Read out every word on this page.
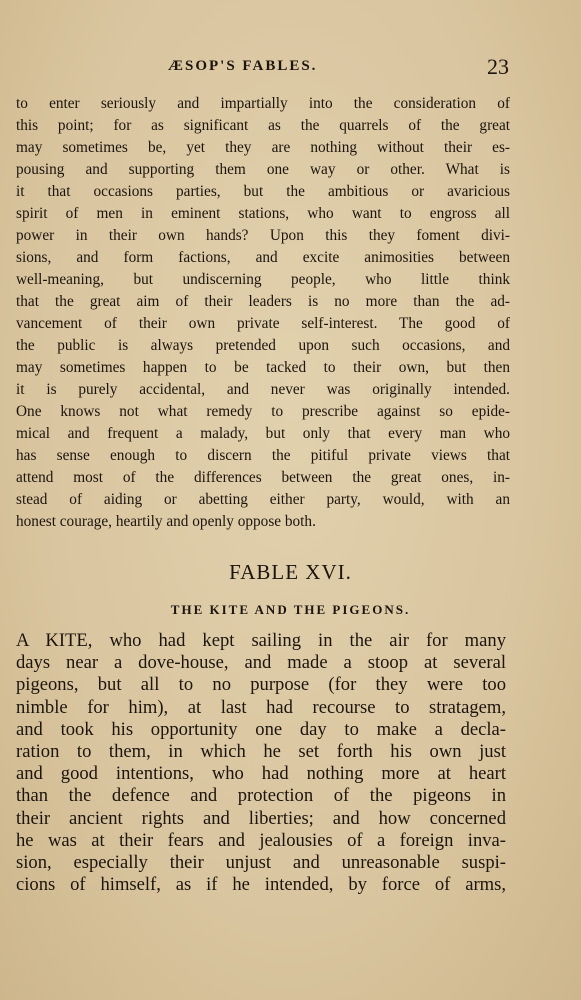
ÆSOP'S FABLES.	23
to enter seriously and impartially into the consideration of
this point; for as significant as the quarrels of the great
may sometimes be, yet they are nothing without their es-
pousing and supporting them one way or other. What is
it that occasions parties, but the ambitious or avaricious
spirit of men in eminent stations, who want to engross all
power in their own hands? Upon this they foment divi-
sions, and form factions, and excite animosities between
well-meaning, but undiscerning people, who little think
that the great aim of their leaders is no more than the ad-
vancement of their own private self-interest. The good of
the public is always pretended upon such occasions, and
may sometimes happen to be tacked to their own, but then
it is purely accidental, and never was originally intended.
One knows not what remedy to prescribe against so epide-
mical and frequent a malady, but only that every man who
has sense enough to discern the pitiful private views that
attend most of the differences between the great ones, in-
stead of aiding or abetting either party, would, with an
honest courage, heartily and openly oppose both.
FABLE XVI.
THE KITE AND THE PIGEONS.
A KITE, who had kept sailing in the air for many
days near a dove-house, and made a stoop at several
pigeons, but all to no purpose (for they were too
nimble for him), at last had recourse to stratagem,
and took his opportunity one day to make a decla-
ration to them, in which he set forth his own just
and good intentions, who had nothing more at heart
than the defence and protection of the pigeons in
their ancient rights and liberties; and how concerned
he was at their fears and jealousies of a foreign inva-
sion, especially their unjust and unreasonable suspi-
cions of himself, as if he intended, by force of arms,
